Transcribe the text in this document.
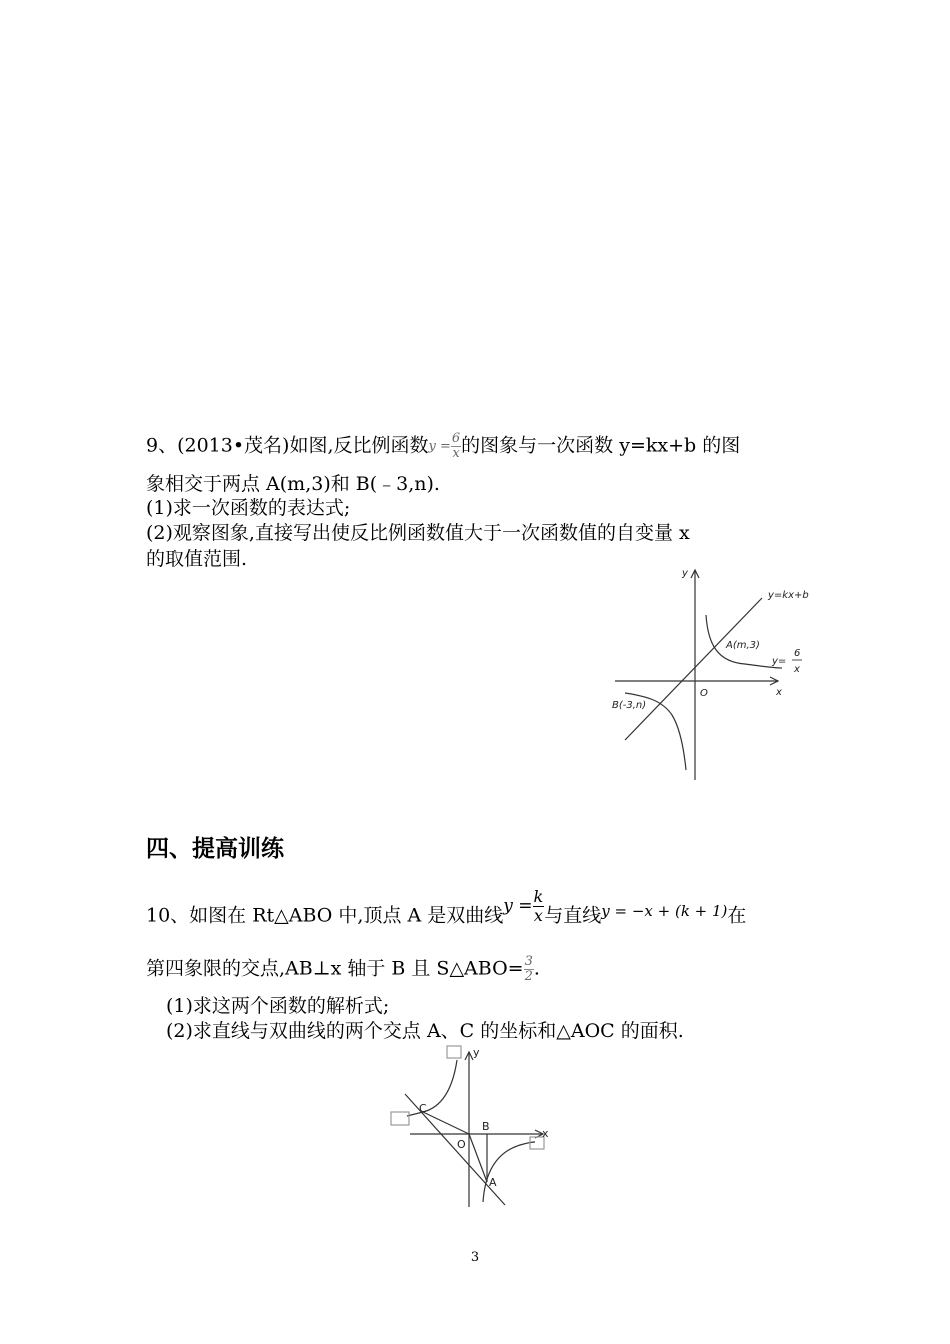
9、(2013•茂名)如图,反比例函数$y = \frac{6}{x}$ 的图象与一次函数 y=kx+b 的图
象相交于两点 A(m,3)和 B(﹣3,n).
(1)求一次函数的表达式;
(2)观察图象,直接写出使反比例函数值大于一次函数值的自变量 x
的取值范围.
y
x
O
y=kx+b
A(m,3)
y=
6
x
B(-3,n)
四、提高训练
10、如图在 Rt△ABO 中,顶点 A 是双曲线$y = \frac{k}{x}$ 与直线y = −x + (k + 1)在
第四象限的交点,AB⊥x 轴于 B 且 S△ABO= $\frac{3}{2}$ .
(1)求这两个函数的解析式;
(2)求直线与双曲线的两个交点 A、C 的坐标和△AOC 的面积.
y
x
O
B
C
A
3
